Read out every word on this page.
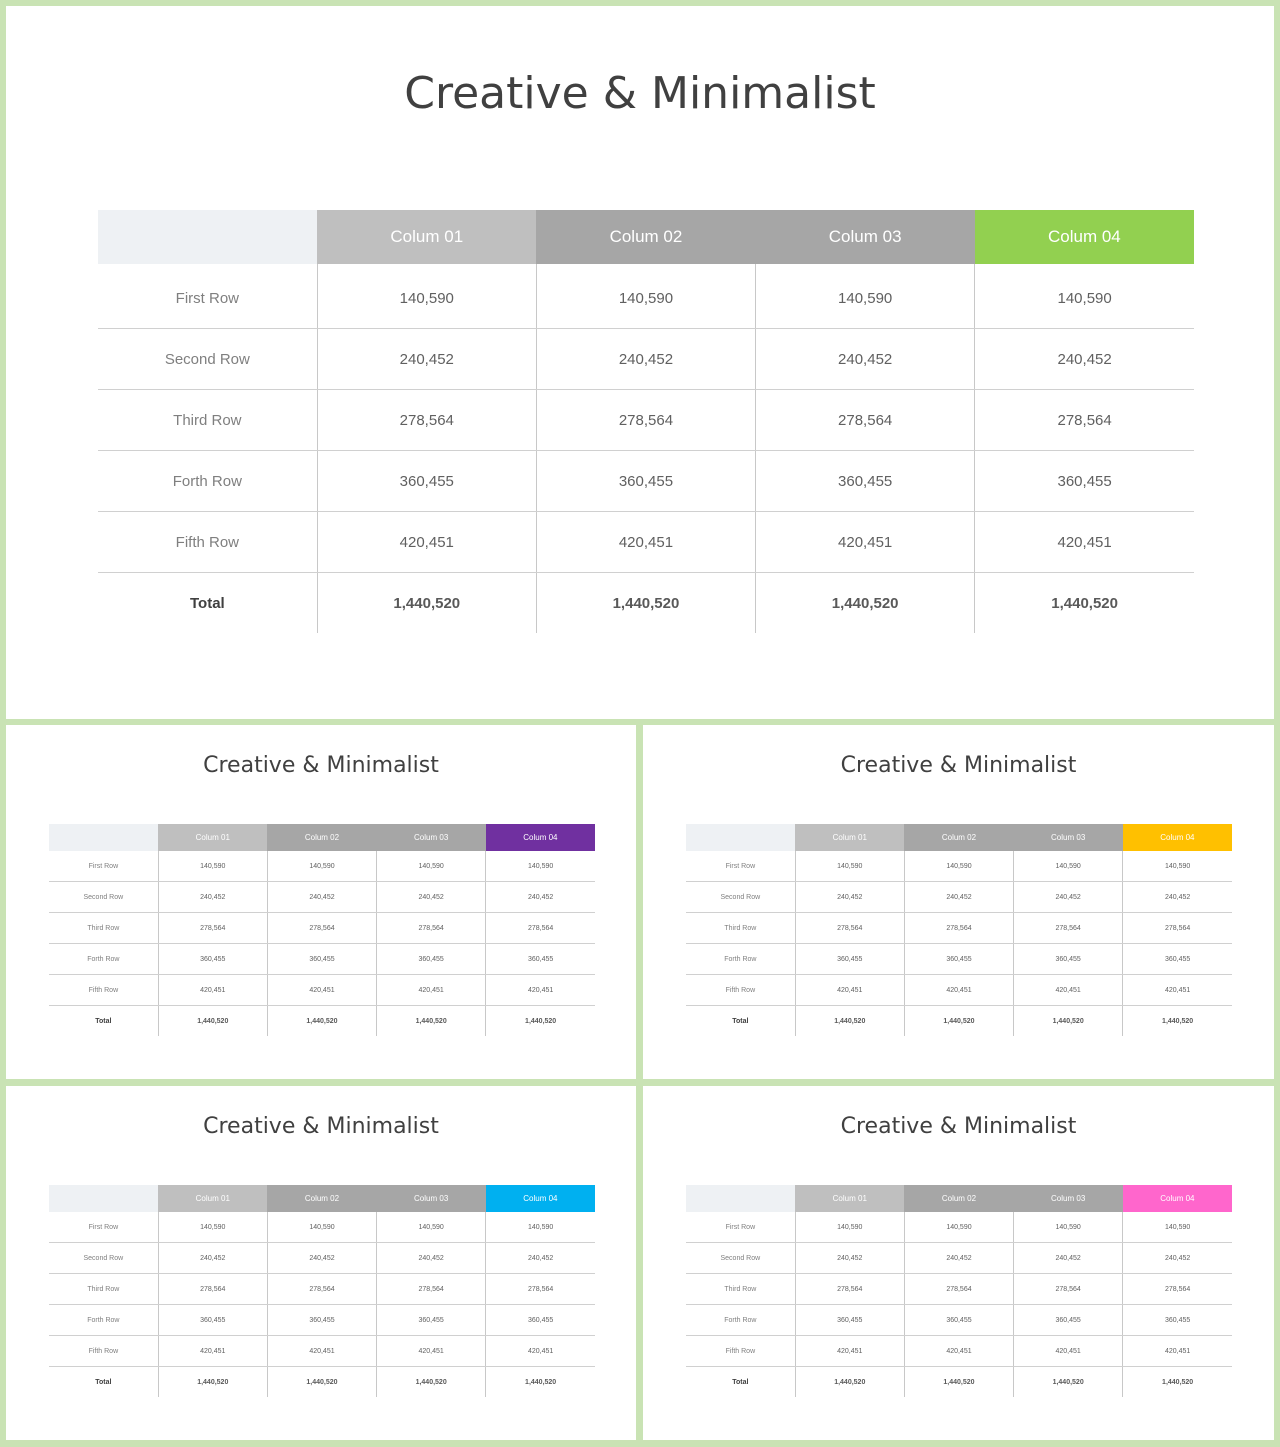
Creative & Minimalist
	Colum 01	Colum 02	Colum 03	Colum 04
First Row	140,590	140,590	140,590	140,590
Second Row	240,452	240,452	240,452	240,452
Third Row	278,564	278,564	278,564	278,564
Forth Row	360,455	360,455	360,455	360,455
Fifth Row	420,451	420,451	420,451	420,451
Total	1,440,520	1,440,520	1,440,520	1,440,520
Creative & Minimalist
	Colum 01	Colum 02	Colum 03	Colum 04
First Row	140,590	140,590	140,590	140,590
Second Row	240,452	240,452	240,452	240,452
Third Row	278,564	278,564	278,564	278,564
Forth Row	360,455	360,455	360,455	360,455
Fifth Row	420,451	420,451	420,451	420,451
Total	1,440,520	1,440,520	1,440,520	1,440,520
Creative & Minimalist
	Colum 01	Colum 02	Colum 03	Colum 04
First Row	140,590	140,590	140,590	140,590
Second Row	240,452	240,452	240,452	240,452
Third Row	278,564	278,564	278,564	278,564
Forth Row	360,455	360,455	360,455	360,455
Fifth Row	420,451	420,451	420,451	420,451
Total	1,440,520	1,440,520	1,440,520	1,440,520
Creative & Minimalist
	Colum 01	Colum 02	Colum 03	Colum 04
First Row	140,590	140,590	140,590	140,590
Second Row	240,452	240,452	240,452	240,452
Third Row	278,564	278,564	278,564	278,564
Forth Row	360,455	360,455	360,455	360,455
Fifth Row	420,451	420,451	420,451	420,451
Total	1,440,520	1,440,520	1,440,520	1,440,520
Creative & Minimalist
	Colum 01	Colum 02	Colum 03	Colum 04
First Row	140,590	140,590	140,590	140,590
Second Row	240,452	240,452	240,452	240,452
Third Row	278,564	278,564	278,564	278,564
Forth Row	360,455	360,455	360,455	360,455
Fifth Row	420,451	420,451	420,451	420,451
Total	1,440,520	1,440,520	1,440,520	1,440,520
